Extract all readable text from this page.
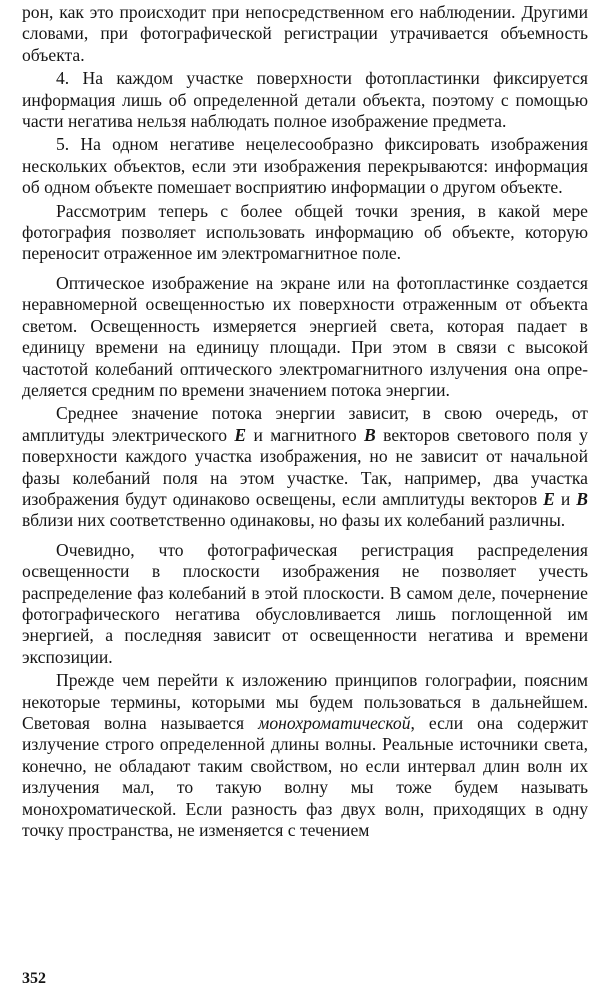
рон, как это происходит при непосредственном его наблюдении. Другими словами, при фотографической регистрации утрачивается объемность объекта.

4. На каждом участке поверхности фотопластинки фиксируется информация лишь об определенной детали объекта, поэтому с помощью части негатива нельзя наблюдать полное изображение предмета.

5. На одном негативе нецелесообразно фиксировать изображения нескольких объектов, если эти изображения перекрываются: информация об одном объекте помешает восприятию информации о другом объекте.

Рассмотрим теперь с более общей точки зрения, в какой мере фотография позволяет использовать информацию об объекте, которую переносит отраженное им электромагнитное поле.

Оптическое изображение на экране или на фотопластинке создается неравномерной освещенностью их поверхности отраженным от объекта светом. Освещенность измеряется энергией света, которая падает в единицу времени на единицу площади. При этом в связи с высокой частотой колебаний оптического электромагнитного излучения она определяется средним по времени значением потока энергии.

Среднее значение потока энергии зависит, в свою очередь, от амплитуды электрического E и магнитного B векторов светового поля у поверхности каждого участка изображения, но не зависит от начальной фазы колебаний поля на этом участке. Так, например, два участка изображения будут одинаково освещены, если амплитуды векторов E и B вблизи них соответственно одинаковы, но фазы их колебаний различны.

Очевидно, что фотографическая регистрация распределения освещенности в плоскости изображения не позволяет учесть распределение фаз колебаний в этой плоскости. В самом деле, почернение фотографического негатива обусловливается лишь поглощенной им энергией, а последняя зависит от освещенности негатива и времени экспозиции.

Прежде чем перейти к изложению принципов голографии, поясним некоторые термины, которыми мы будем пользоваться в дальнейшем. Световая волна называется монохроматической, если она содержит излучение строго определенной длины волны. Реальные источники света, конечно, не обладают таким свойством, но если интервал длин волн их излучения мал, то такую волну мы тоже будем называть монохроматической. Если разность фаз двух волн, приходящих в одну точку пространства, не изменяется с течением

352
